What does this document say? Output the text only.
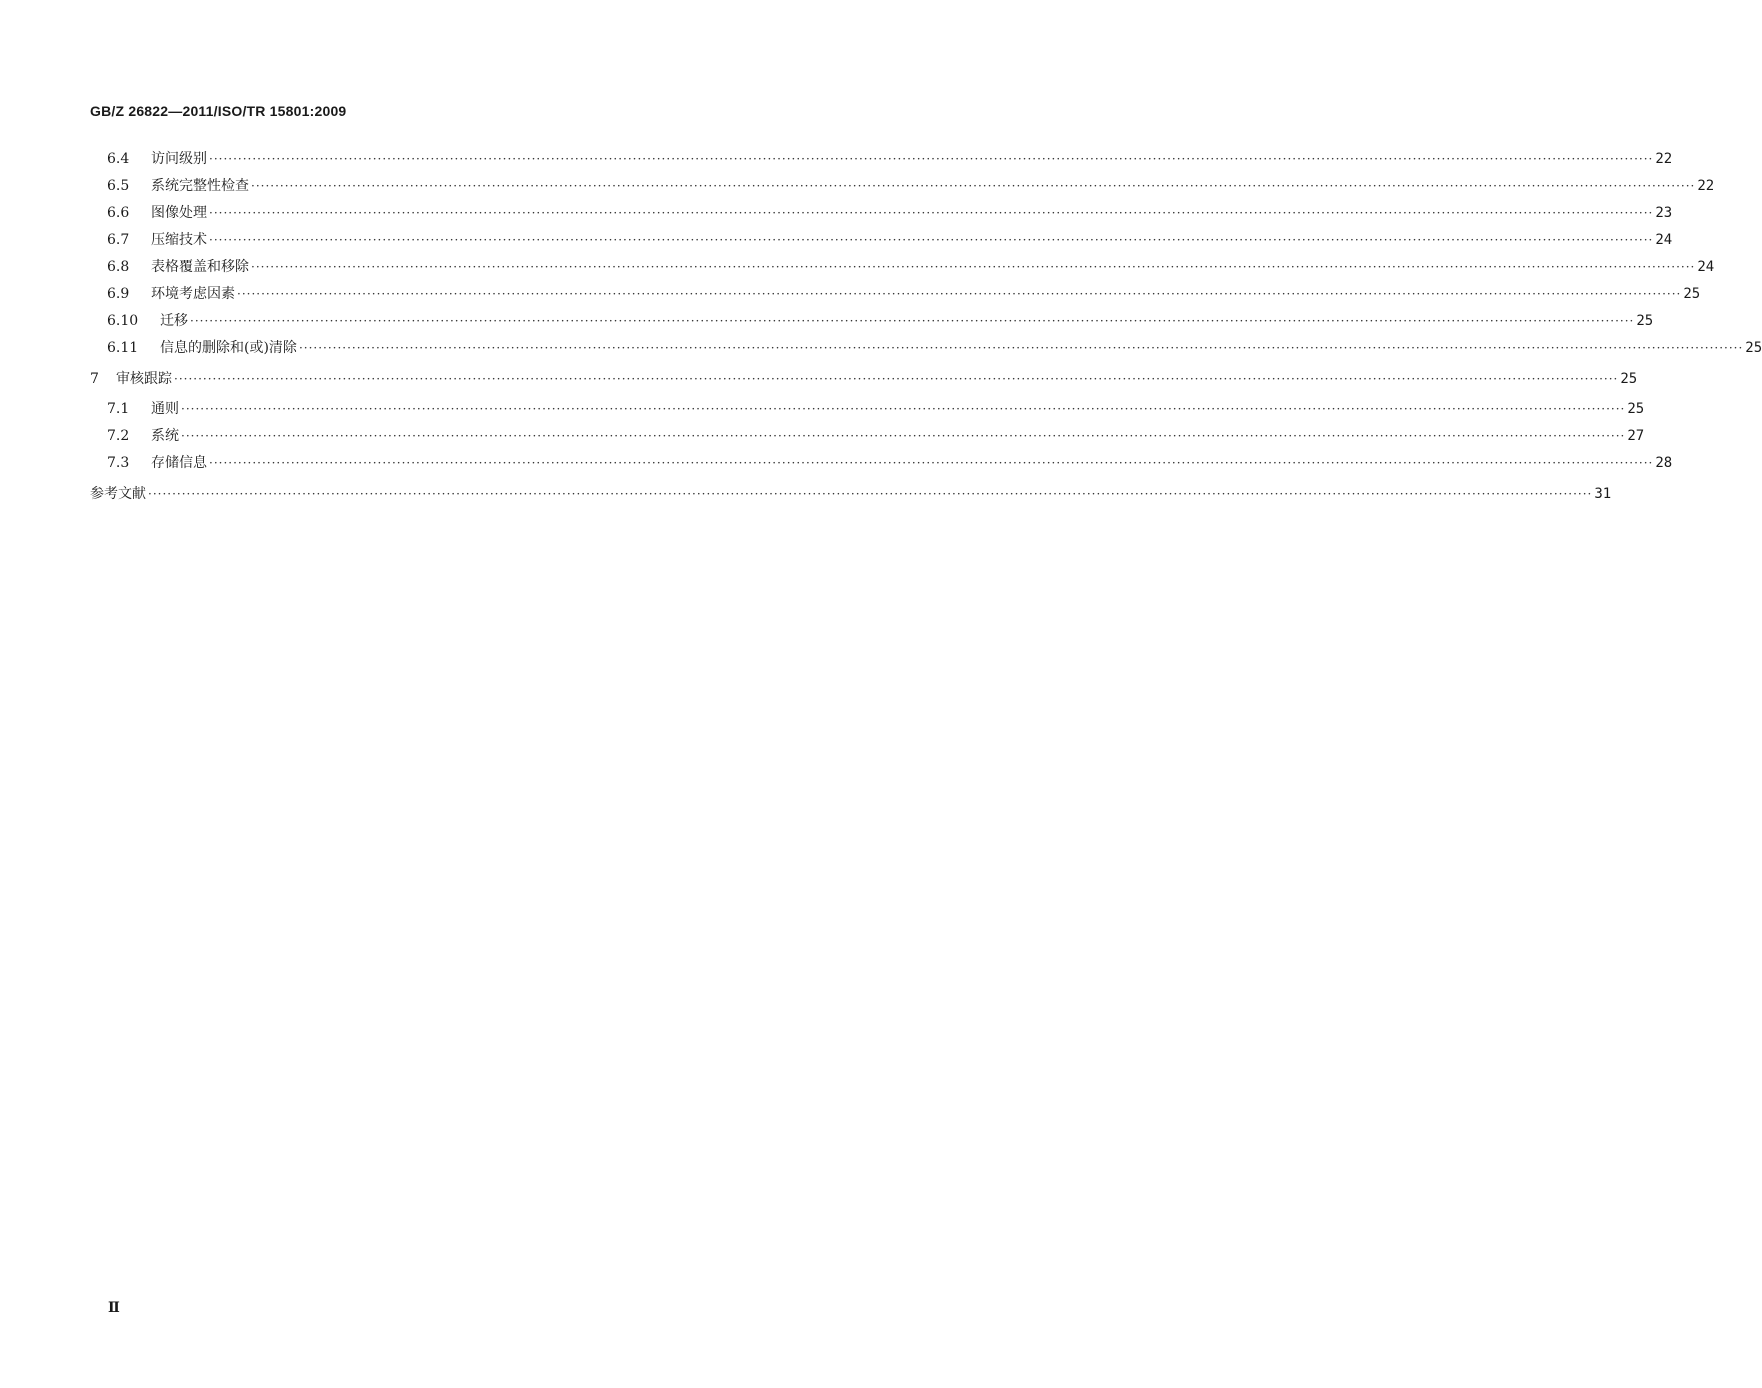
GB/Z 26822—2011/ISO/TR 15801:2009
6.4	访问级别 ············································································································································································································································································································ 22
6.5	系统完整性检查 ············································································································································································································································································································ 22
6.6	图像处理 ············································································································································································································································································································ 23
6.7	压缩技术 ············································································································································································································································································································ 24
6.8	表格覆盖和移除 ············································································································································································································································································································ 24
6.9	环境考虑因素 ············································································································································································································································································································ 25
6.10	迁移 ············································································································································································································································································································ 25
6.11	信息的删除和(或)清除 ············································································································································································································································································································ 25
7	审核跟踪 ············································································································································································································································································································ 25
7.1	通则 ············································································································································································································································································································ 25
7.2	系统 ············································································································································································································································································································ 27
7.3	存储信息 ············································································································································································································································································································ 28
参考文献 ············································································································································································································································································································ 31
Ⅱ
